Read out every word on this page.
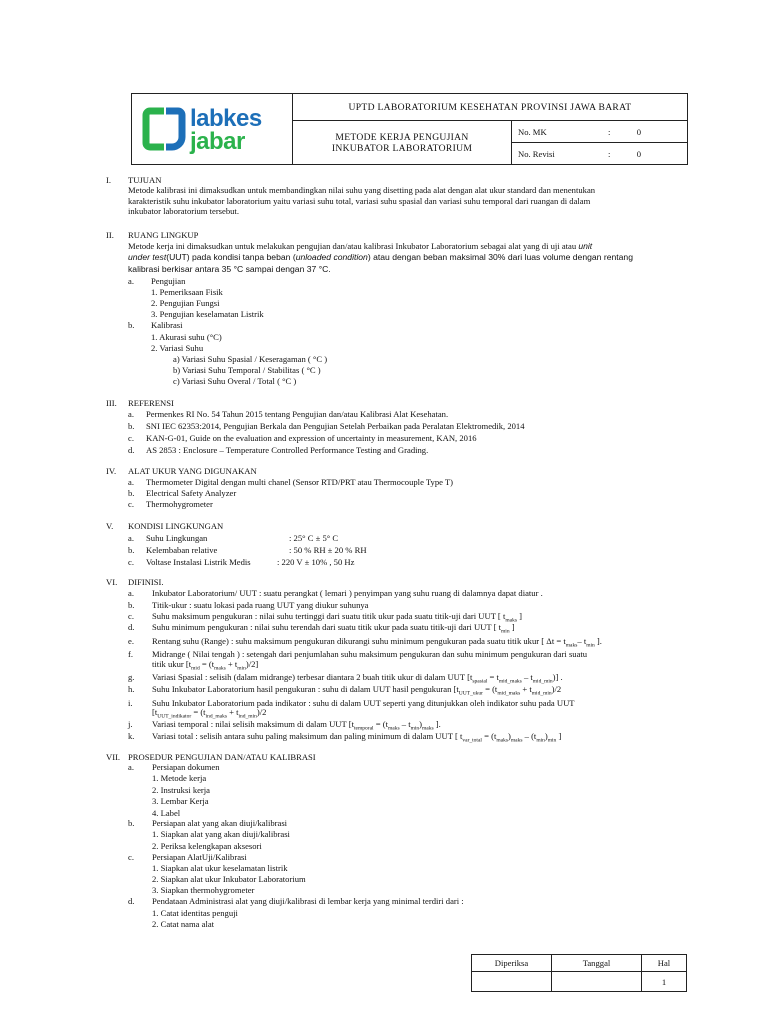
labkes
jabar	UPTD LABORATORIUM KESEHATAN PROVINSI JAWA BARAT		

	METODE KERJA PENGUJIAN
INKUBATOR LABORATORIUM	No. MK	: 0
		No. Revisi	: 0
I. TUJUAN
Metode kalibrasi ini dimaksudkan untuk membandingkan nilai suhu yang disetting pada alat dengan alat ukur standard dan menentukan
karakteristik suhu inkubator laboratorium yaitu variasi suhu total, variasi suhu spasial dan variasi suhu temporal dari ruangan di dalam
inkubator laboratorium tersebut.
II. RUANG LINGKUP
Metode kerja ini dimaksudkan untuk melakukan pengujian dan/atau kalibrasi Inkubator Laboratorium sebagai alat yang di uji atau unit
under test(UUT) pada kondisi tanpa beban (unloaded condition) atau dengan beban maksimal 30% dari luas volume dengan rentang
kalibrasi berkisar antara 35 °C sampai dengan 37 °C.
a. Pengujian
1. Pemeriksaan Fisik
2. Pengujian Fungsi
3. Pengujian keselamatan Listrik
b. Kalibrasi
1. Akurasi suhu (°C)
2. Variasi Suhu
a) Variasi Suhu Spasial / Keseragaman ( °C )
b) Variasi Suhu Temporal / Stabilitas ( °C )
c) Variasi Suhu Overal / Total ( °C )
III. REFERENSI
a. Permenkes RI No. 54 Tahun 2015 tentang Pengujian dan/atau Kalibrasi Alat Kesehatan.
b. SNI IEC 62353:2014, Pengujian Berkala dan Pengujian Setelah Perbaikan pada Peralatan Elektromedik, 2014
c. KAN-G-01, Guide on the evaluation and expression of uncertainty in measurement, KAN, 2016
d. AS 2853 : Enclosure – Temperature Controlled Performance Testing and Grading.
IV. ALAT UKUR YANG DIGUNAKAN
a. Thermometer Digital dengan multi chanel (Sensor RTD/PRT atau Thermocouple Type T)
b. Electrical Safety Analyzer
c. Thermohygrometer
V. KONDISI LINGKUNGAN
a. Suhu Lingkungan	: 25° C ± 5° C
b. Kelembaban relative	: 50 % RH ± 20 % RH
c. Voltase Instalasi Listrik Medis	: 220 V ± 10% , 50 Hz
VI. DIFINISI.
a. Inkubator Laboratorium/ UUT : suatu perangkat ( lemari ) penyimpan yang suhu ruang di dalamnya dapat diatur .
b. Titik-ukur : suatu lokasi pada ruang UUT yang diukur suhunya
c. Suhu maksimum pengukuran : nilai suhu tertinggi dari suatu titik ukur pada suatu titik-uji dari UUT [ $t_{maks}$ ]
d. Suhu minimum pengukuran : nilai suhu terendah dari suatu titik ukur pada suatu titik-uji dari UUT [ $t_{min}$ ]
e. Rentang suhu (Range) : suhu maksimum pengukuran dikurangi suhu minimum pengukuran pada suatu titik ukur [ $\Delta t = t_{maks}-$ $t_{min}$ ].
f. Midrange ( Nilai tengah ) : setengah dari penjumlahan suhu maksimum pengukuran dan suhu minimum pengukuran dari suatu
titik ukur $[t_{mid} = (t_{maks} + t_{min})/2]$
g. Variasi Spasial : selisih (dalam midrange) terbesar diantara 2 buah titik ukur di dalam UUT $[t_{spasial} = t_{mid\_maks} - t_{mid\_min})$] .
h. Suhu Inkubator Laboratorium hasil pengukuran : suhu di dalam UUT hasil pengukuran [$t_{UUT\_ukur} = (t_{mid\_maks} + t_{mid\_min})/2$
i. Suhu Inkubator Laboratorium pada indikator : suhu di dalam UUT seperti yang ditunjukkan oleh indikator suhu pada UUT
[$t_{UUT\_indikator} = (t_{ind\_maks} + t_{ind\_min})/2$
j. Variasi temporal : nilai selisih maksimum di dalam UUT [$t_{temporal} = (t_{maks} - t_{min})_{maks}$ ].
k. Variasi total : selisih antara suhu paling maksimum dan paling minimum di dalam UUT [ $t_{var\_total} = (t_{maks})_{maks} - (t_{min})_{min}$ ]
VII. PROSEDUR PENGUJIAN DAN/ATAU KALIBRASI
a. Persiapan dokumen
1. Metode kerja
2. Instruksi kerja
3. Lembar Kerja
4. Label
b. Persiapan alat yang akan diuji/kalibrasi
1. Siapkan alat yang akan diuji/kalibrasi
2. Periksa kelengkapan aksesori
c. Persiapan AlatUji/Kalibrasi
1. Siapkan alat ukur keselamatan listrik
2. Siapkan alat ukur Inkubator Laboratorium
3. Siapkan thermohygrometer
d. Pendataan Administrasi alat yang diuji/kalibrasi di lembar kerja yang minimal terdiri dari :
1. Catat identitas penguji
2. Catat nama alat
Diperiksa	Tanggal	Hal
		1
